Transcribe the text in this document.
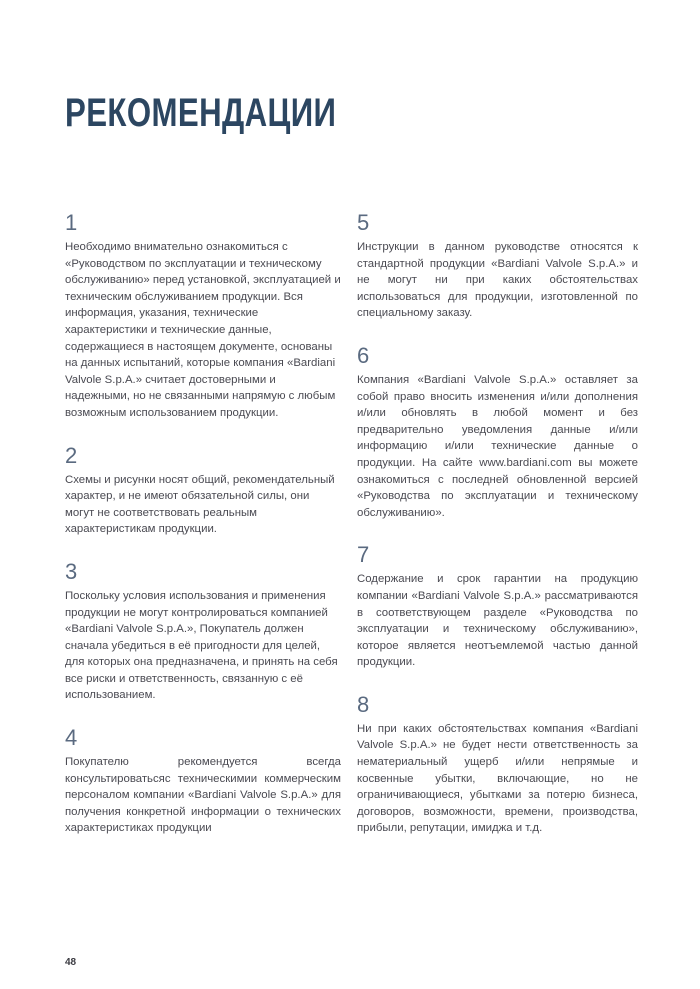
РЕКОМЕНДАЦИИ
1

Необходимо внимательно ознакомиться с «Руководством по эксплуатации и техническому обслуживанию» перед установкой, эксплуатацией и техническим обслуживанием продукции. Вся информация, указания, технические характеристики и технические данные, содержащиеся в настоящем документе, основаны на данных испытаний, которые компания «Bardiani Valvole S.p.A.» считает достоверными и надежными, но не связанными напрямую с любым возможным использованием продукции.

2

Схемы и рисунки носят общий, рекомендательный характер, и не имеют обязательной силы, они могут не соответствовать реальным характеристикам продукции.

3

Поскольку условия использования и применения продукции не могут контролироваться компанией «Bardiani Valvole S.p.A.», Покупатель должен сначала убедиться в её пригодности для целей, для которых она предназначена, и принять на себя все риски и ответственность, связанную с её использованием.

4

Покупателю рекомендуется всегда консультироватьсяс техническимии коммерческим персоналом компании «Bardiani Valvole S.p.A.» для получения конкретной информации о технических характеристиках продукции

5

Инструкции в данном руководстве относятся к стандартной продукции «Bardiani Valvole S.p.A.» и не могут ни при каких обстоятельствах использоваться для продукции, изготовленной по специальному заказу.

6

Компания «Bardiani Valvole S.p.A.» оставляет за собой право вносить изменения и/или дополнения и/или обновлять в любой момент и без предварительно уведомления данные и/или информацию и/или технические данные о продукции. На сайте www.bardiani.com вы можете ознакомиться с последней обновленной версией «Руководства по эксплуатации и техническому обслуживанию».

7

Содержание и срок гарантии на продукцию компании «Bardiani Valvole S.p.A.» рассматриваются в соответствующем разделе «Руководства по эксплуатации и техническому обслуживанию», которое является неотъемлемой частью данной продукции.

8

Ни при каких обстоятельствах компания «Bardiani Valvole S.p.A.» не будет нести ответственность за нематериальный ущерб и/или непрямые и косвенные убытки, включающие, но не ограничивающиеся, убытками за потерю бизнеса, договоров, возможности, времени, производства, прибыли, репутации, имиджа и т.д.

48
